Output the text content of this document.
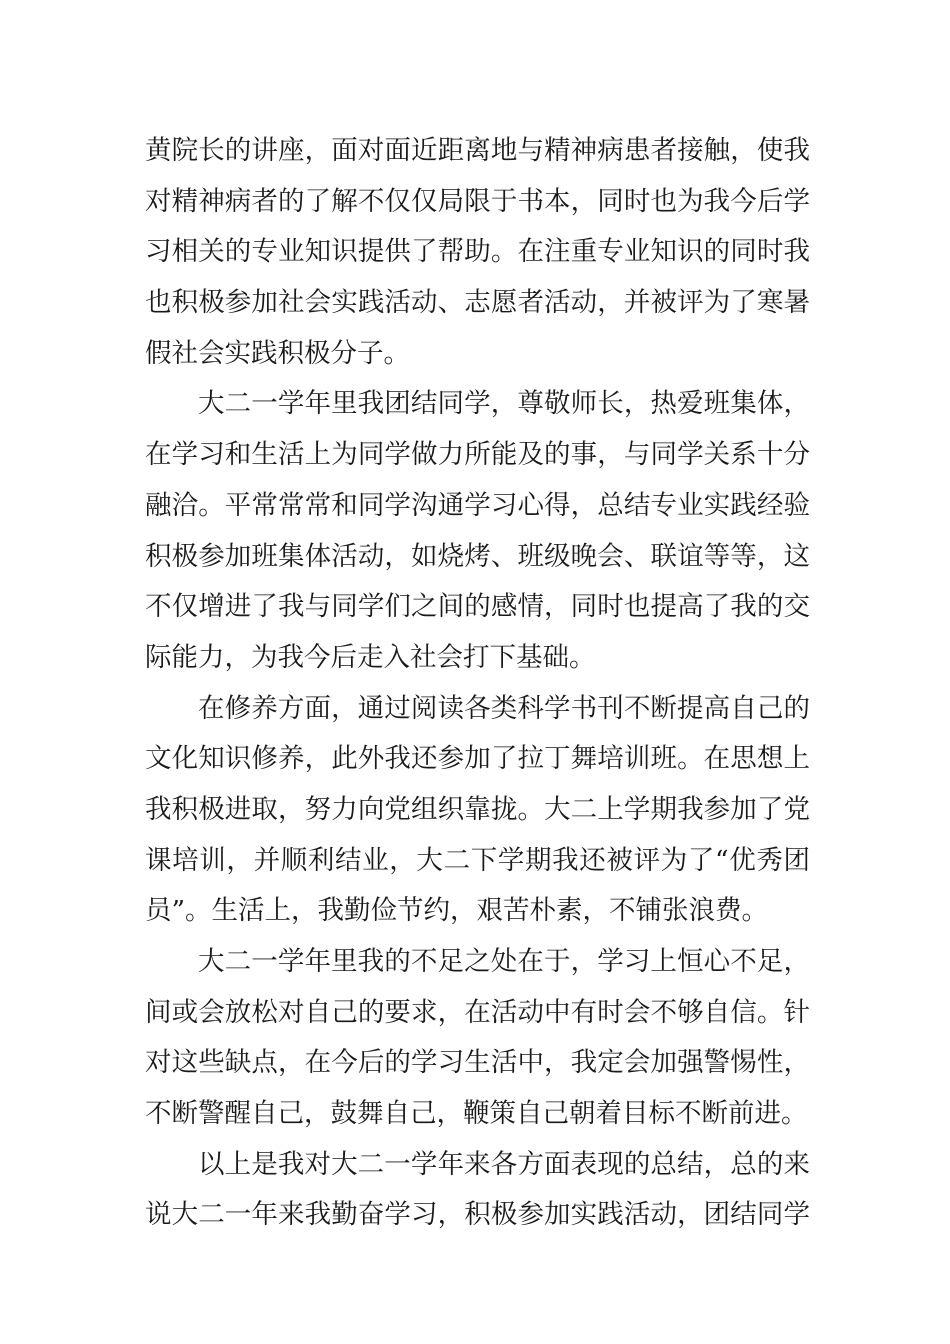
黄院长的讲座，面对面近距离地与精神病患者接触，使我
对精神病者的了解不仅仅局限于书本，同时也为我今后学
习相关的专业知识提供了帮助。在注重专业知识的同时我
也积极参加社会实践活动、志愿者活动，并被评为了寒暑
假社会实践积极分子。
大二一学年里我团结同学，尊敬师长，热爱班集体，
在学习和生活上为同学做力所能及的事，与同学关系十分
融洽。平常常常和同学沟通学习心得，总结专业实践经验
积极参加班集体活动，如烧烤、班级晚会、联谊等等，这
不仅增进了我与同学们之间的感情，同时也提高了我的交
际能力，为我今后走入社会打下基础。
在修养方面，通过阅读各类科学书刊不断提高自己的
文化知识修养，此外我还参加了拉丁舞培训班。在思想上
我积极进取，努力向党组织靠拢。大二上学期我参加了党
课培训，并顺利结业，大二下学期我还被评为了“优秀团
员”。生活上，我勤俭节约，艰苦朴素，不铺张浪费。
大二一学年里我的不足之处在于，学习上恒心不足，
间或会放松对自己的要求，在活动中有时会不够自信。针
对这些缺点，在今后的学习生活中，我定会加强警惕性，
不断警醒自己，鼓舞自己，鞭策自己朝着目标不断前进。
以上是我对大二一学年来各方面表现的总结，总的来
说大二一年来我勤奋学习，积极参加实践活动，团结同学
